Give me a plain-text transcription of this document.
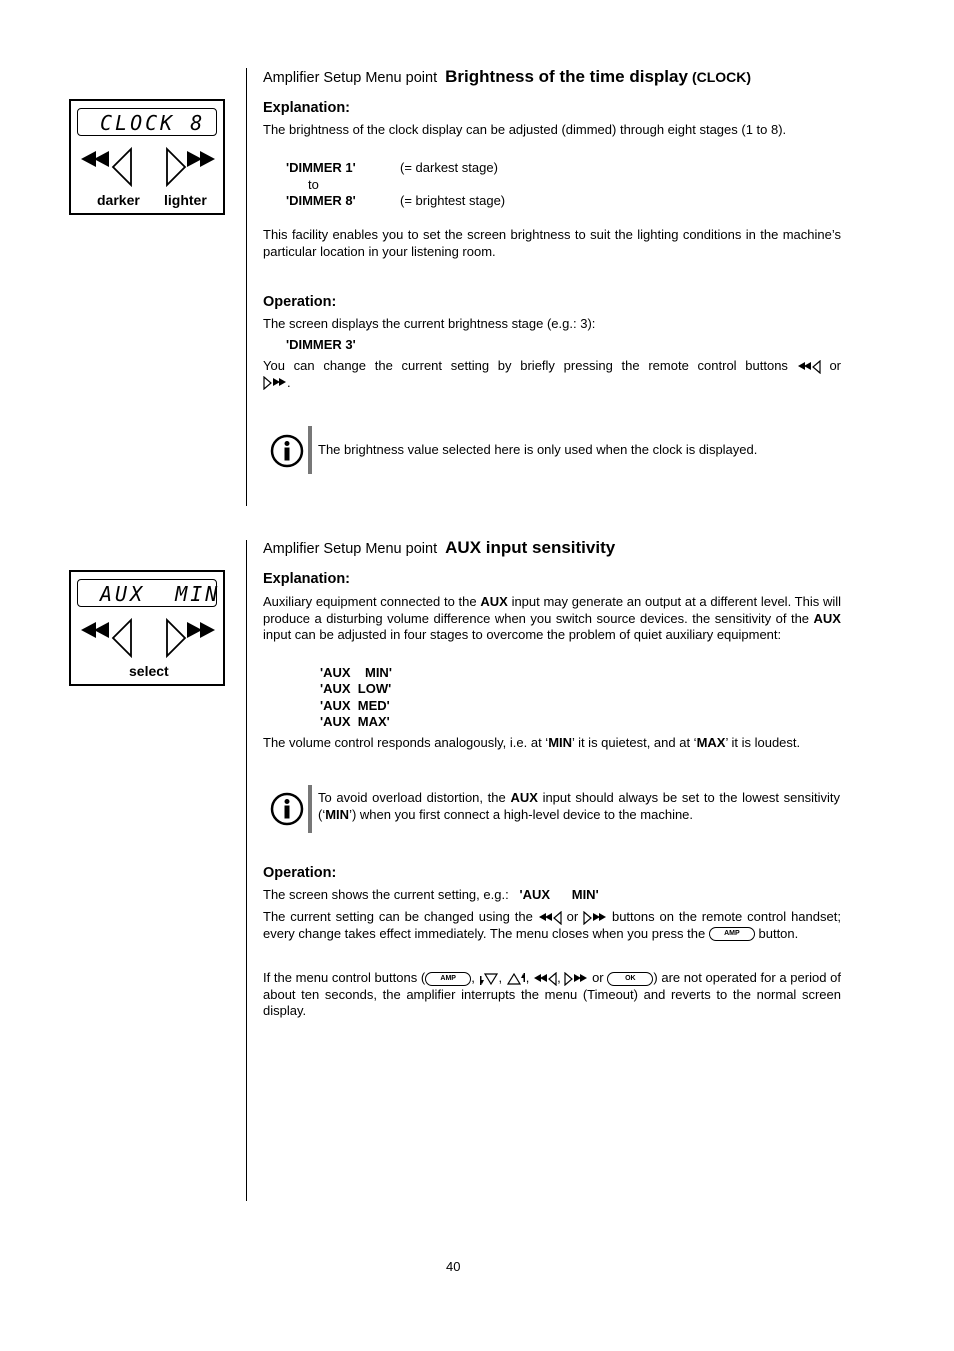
CLOCK 8
darker lighter
Amplifier Setup Menu point Brightness of the time display (CLOCK)
Explanation:

The brightness of the clock display can be adjusted (dimmed) through eight stages (1 to 8).

'DIMMER 1'	(= darkest stage)
to
'DIMMER 8'	(= brightest stage)

This facility enables you to set the screen brightness to suit the lighting conditions in the machine’s particular location in your listening room.

Operation:
The screen displays the current brightness stage (e.g.: 3):
'DIMMER 3'

You can change the current setting by briefly pressing the remote control buttons	or

.

The brightness value selected here is only used when the clock is displayed.
AUX  MIN
select
Amplifier Setup Menu point AUX input sensitivity
Explanation:

Auxiliary equipment connected to the AUX input may generate an output at a different level. This will produce a disturbing volume difference when you switch source devices. the sensitivity of the AUX input can be adjusted in four stages to overcome the problem of quiet auxiliary equipment:

'AUX    MIN'
'AUX  LOW'
'AUX  MED'
'AUX  MAX'

The volume control responds analogously, i.e. at ‘MIN’ it is quietest, and at ‘MAX’ it is loudest.

To avoid overload distortion, the AUX input should always be set to the lowest sensitivity (‘MIN’) when you first connect a high-level device to the machine.
Operation:
The screen shows the current setting, e.g.: 'AUX      MIN'

The current setting can be changed using the	or	buttons on the remote control handset; every change takes effect immediately. The menu closes when you press the	AMP button.

If the menu control buttons ( AMP , , , ,  or	OK ) are not operated for a period of about ten seconds, the amplifier interrupts the menu (Timeout) and reverts to the normal screen display.

40
